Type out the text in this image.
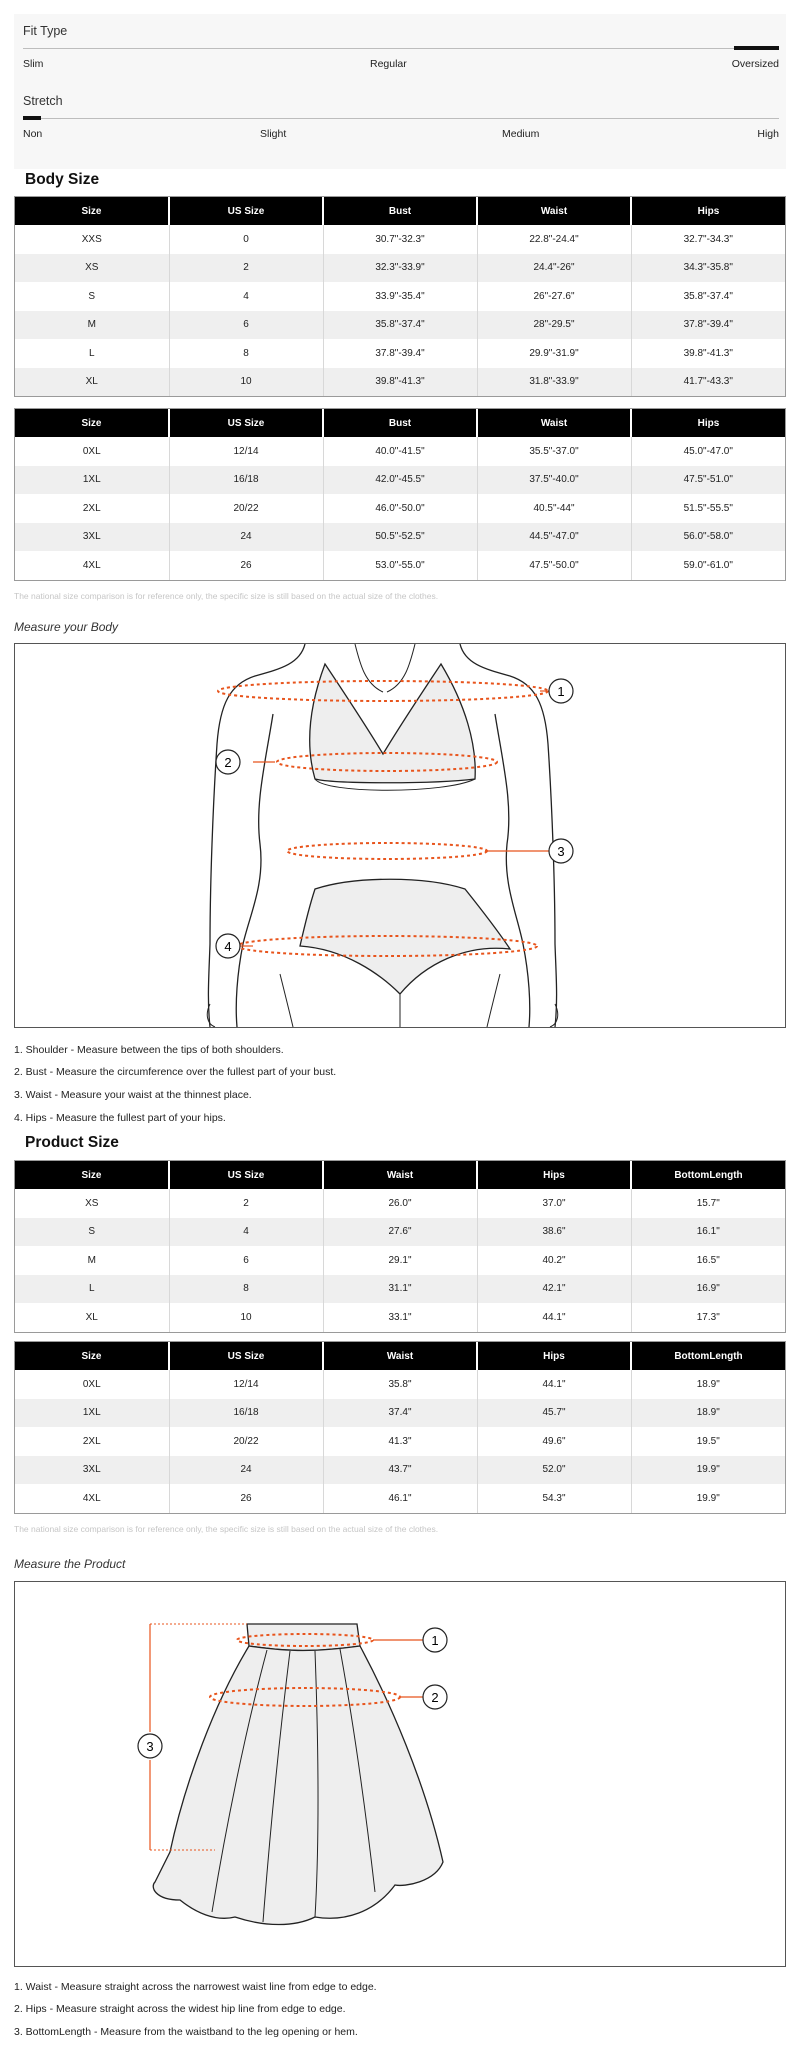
Fit Type
Slim	Regular	Oversized
Stretch
Non	Slight	Medium	High
Body Size
Size	US Size	Bust	Waist	Hips
XXS	0	30.7"-32.3"	22.8"-24.4"	32.7"-34.3"
XS	2	32.3"-33.9"	24.4"-26"	34.3"-35.8"
S	4	33.9"-35.4"	26"-27.6"	35.8"-37.4"
M	6	35.8"-37.4"	28"-29.5"	37.8"-39.4"
L	8	37.8"-39.4"	29.9"-31.9"	39.8"-41.3"
XL	10	39.8"-41.3"	31.8"-33.9"	41.7"-43.3"
Size	US Size	Bust	Waist	Hips
0XL	12/14	40.0"-41.5"	35.5"-37.0"	45.0"-47.0"
1XL	16/18	42.0"-45.5"	37.5"-40.0"	47.5"-51.0"
2XL	20/22	46.0"-50.0"	40.5"-44"	51.5"-55.5"
3XL	24	50.5"-52.5"	44.5"-47.0"	56.0"-58.0"
4XL	26	53.0"-55.0"	47.5"-50.0"	59.0"-61.0"
The national size comparison is for reference only, the specific size is still based on the actual size of the clothes.
Measure your Body
1
2
3
4
1. Shoulder - Measure between the tips of both shoulders.
2. Bust - Measure the circumference over the fullest part of your bust.
3. Waist - Measure your waist at the thinnest place.
4. Hips - Measure the fullest part of your hips.
Product Size
Size	US Size	Waist	Hips	BottomLength
XS	2	26.0"	37.0"	15.7"
S	4	27.6"	38.6"	16.1"
M	6	29.1"	40.2"	16.5"
L	8	31.1"	42.1"	16.9"
XL	10	33.1"	44.1"	17.3"
Size	US Size	Waist	Hips	BottomLength
0XL	12/14	35.8"	44.1"	18.9"
1XL	16/18	37.4"	45.7"	18.9"
2XL	20/22	41.3"	49.6"	19.5"
3XL	24	43.7"	52.0"	19.9"
4XL	26	46.1"	54.3"	19.9"
The national size comparison is for reference only, the specific size is still based on the actual size of the clothes.
Measure the Product
1
2
3
1. Waist - Measure straight across the narrowest waist line from edge to edge.
2. Hips - Measure straight across the widest hip line from edge to edge.
3. BottomLength - Measure from the waistband to the leg opening or hem.
